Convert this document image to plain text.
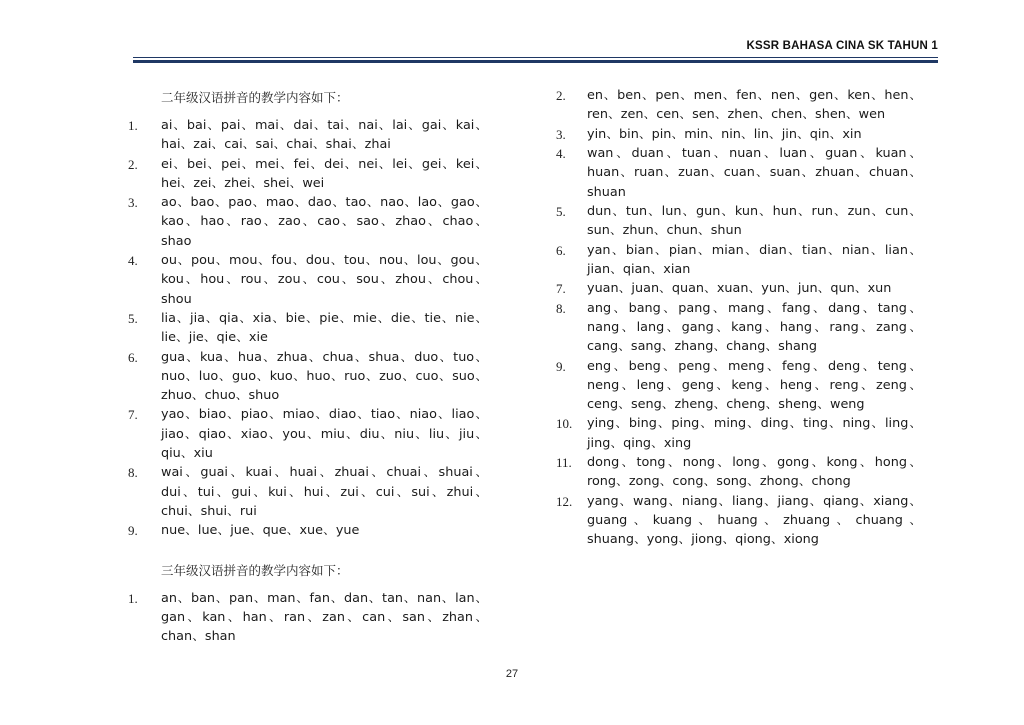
KSSR BAHASA CINA SK TAHUN 1
二年级汉语拼音的教学内容如下：
1.	ai、bai、pai、mai、dai、tai、nai、lai、gai、kai、hai、zai、cai、sai、chai、shai、zhai
2.	ei、bei、pei、mei、fei、dei、nei、lei、gei、kei、hei、zei、zhei、shei、wei
3.	ao、bao、pao、mao、dao、tao、nao、lao、gao、kao、hao、rao、zao、cao、sao、zhao、chao、shao
4.	ou、pou、mou、fou、dou、tou、nou、lou、gou、kou、hou、rou、zou、cou、sou、zhou、chou、shou
5.	lia、jia、qia、xia、bie、pie、mie、die、tie、nie、lie、jie、qie、xie
6.	gua、kua、hua、zhua、chua、shua、duo、tuo、nuo、luo、guo、kuo、huo、ruo、zuo、cuo、suo、zhuo、chuo、shuo
7.	yao、biao、piao、miao、diao、tiao、niao、liao、jiao、qiao、xiao、you、miu、diu、niu、liu、jiu、qiu、xiu
8.	wai、guai、kuai、huai、zhuai、chuai、shuai、dui、tui、gui、kui、hui、zui、cui、sui、zhui、chui、shui、rui
9.	nue、lue、jue、que、xue、yue
三年级汉语拼音的教学内容如下：
1.	an、ban、pan、man、fan、dan、tan、nan、lan、gan、kan、han、ran、zan、can、san、zhan、chan、shan
2.	en、ben、pen、men、fen、nen、gen、ken、hen、ren、zen、cen、sen、zhen、chen、shen、wen
3.	yin、bin、pin、min、nin、lin、jin、qin、xin
4.	wan、duan、tuan、nuan、luan、guan、kuan、huan、ruan、zuan、cuan、suan、zhuan、chuan、shuan
5.	dun、tun、lun、gun、kun、hun、run、zun、cun、sun、zhun、chun、shun
6.	yan、bian、pian、mian、dian、tian、nian、lian、jian、qian、xian
7.	yuan、juan、quan、xuan、yun、jun、qun、xun
8.	ang、bang、pang、mang、fang、dang、tang、nang、lang、gang、kang、hang、rang、zang、cang、sang、zhang、chang、shang
9.	eng、beng、peng、meng、feng、deng、teng、neng、leng、geng、keng、heng、reng、zeng、ceng、seng、zheng、cheng、sheng、weng
10.	ying、bing、ping、ming、ding、ting、ning、ling、jing、qing、xing
11.	dong、tong、nong、long、gong、kong、hong、rong、zong、cong、song、zhong、chong
12.	yang、wang、niang、liang、jiang、qiang、xiang、guang、kuang、huang、zhuang、chuang、shuang、yong、jiong、qiong、xiong
27
